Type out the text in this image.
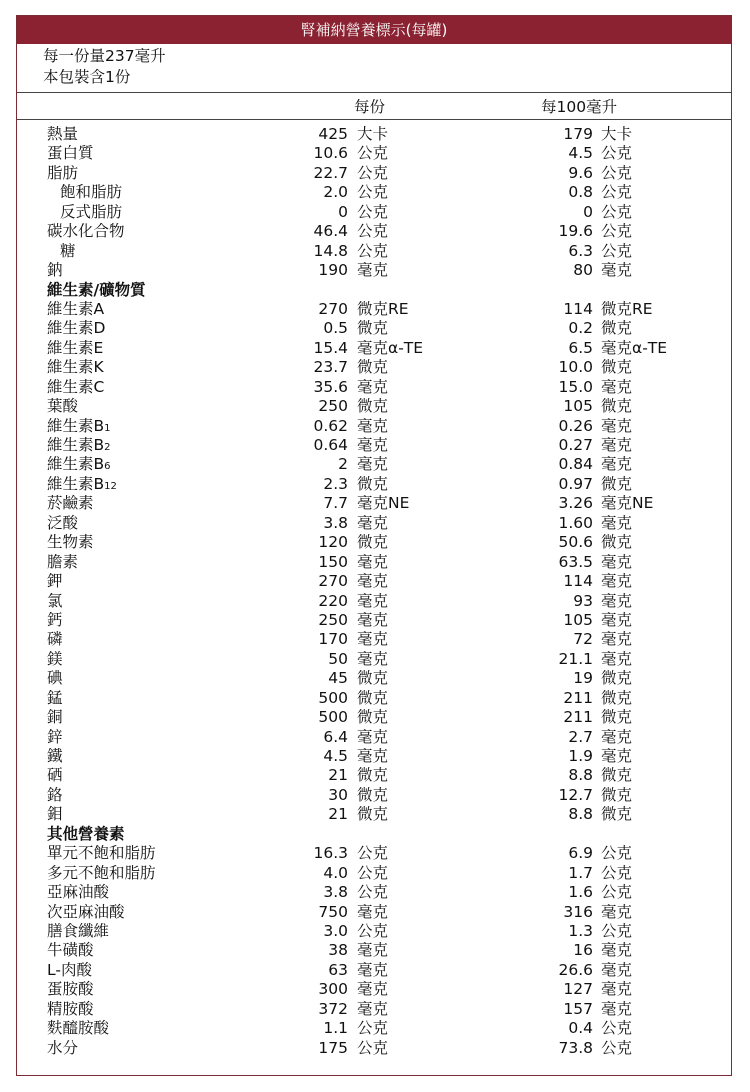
腎補納營養標示(每罐)
每一份量237毫升
本包裝含1份
每份	每100毫升
熱量	425 大卡	179 大卡
蛋白質	10.6 公克	4.5 公克
脂肪	22.7 公克	9.6 公克
飽和脂肪	2.0 公克	0.8 公克
反式脂肪	0 公克	0 公克
碳水化合物	46.4 公克	19.6 公克
糖	14.8 公克	6.3 公克
鈉	190 毫克	80 毫克
維生素/礦物質
維生素A	270 微克RE	114 微克RE
維生素D	0.5 微克	0.2 微克
維生素E	15.4 毫克α-TE	6.5 毫克α-TE
維生素K	23.7 微克	10.0 微克
維生素C	35.6 毫克	15.0 毫克
葉酸	250 微克	105 微克
維生素B1	0.62 毫克	0.26 毫克
維生素B2	0.64 毫克	0.27 毫克
維生素B6	2 毫克	0.84 毫克
維生素B12	2.3 微克	0.97 微克
菸鹼素	7.7 毫克NE	3.26 毫克NE
泛酸	3.8 毫克	1.60 毫克
生物素	120 微克	50.6 微克
膽素	150 毫克	63.5 毫克
鉀	270 毫克	114 毫克
氯	220 毫克	93 毫克
鈣	250 毫克	105 毫克
磷	170 毫克	72 毫克
鎂	50 毫克	21.1 毫克
碘	45 微克	19 微克
錳	500 微克	211 微克
銅	500 微克	211 微克
鋅	6.4 毫克	2.7 毫克
鐵	4.5 毫克	1.9 毫克
硒	21 微克	8.8 微克
鉻	30 微克	12.7 微克
鉬	21 微克	8.8 微克
其他營養素
單元不飽和脂肪	16.3 公克	6.9 公克
多元不飽和脂肪	4.0 公克	1.7 公克
亞麻油酸	3.8 公克	1.6 公克
次亞麻油酸	750 毫克	316 毫克
膳食纖維	3.0 公克	1.3 公克
牛磺酸	38 毫克	16 毫克
L-肉酸	63 毫克	26.6 毫克
蛋胺酸	300 毫克	127 毫克
精胺酸	372 毫克	157 毫克
麩醯胺酸	1.1 公克	0.4 公克
水分	175 公克	73.8 公克
